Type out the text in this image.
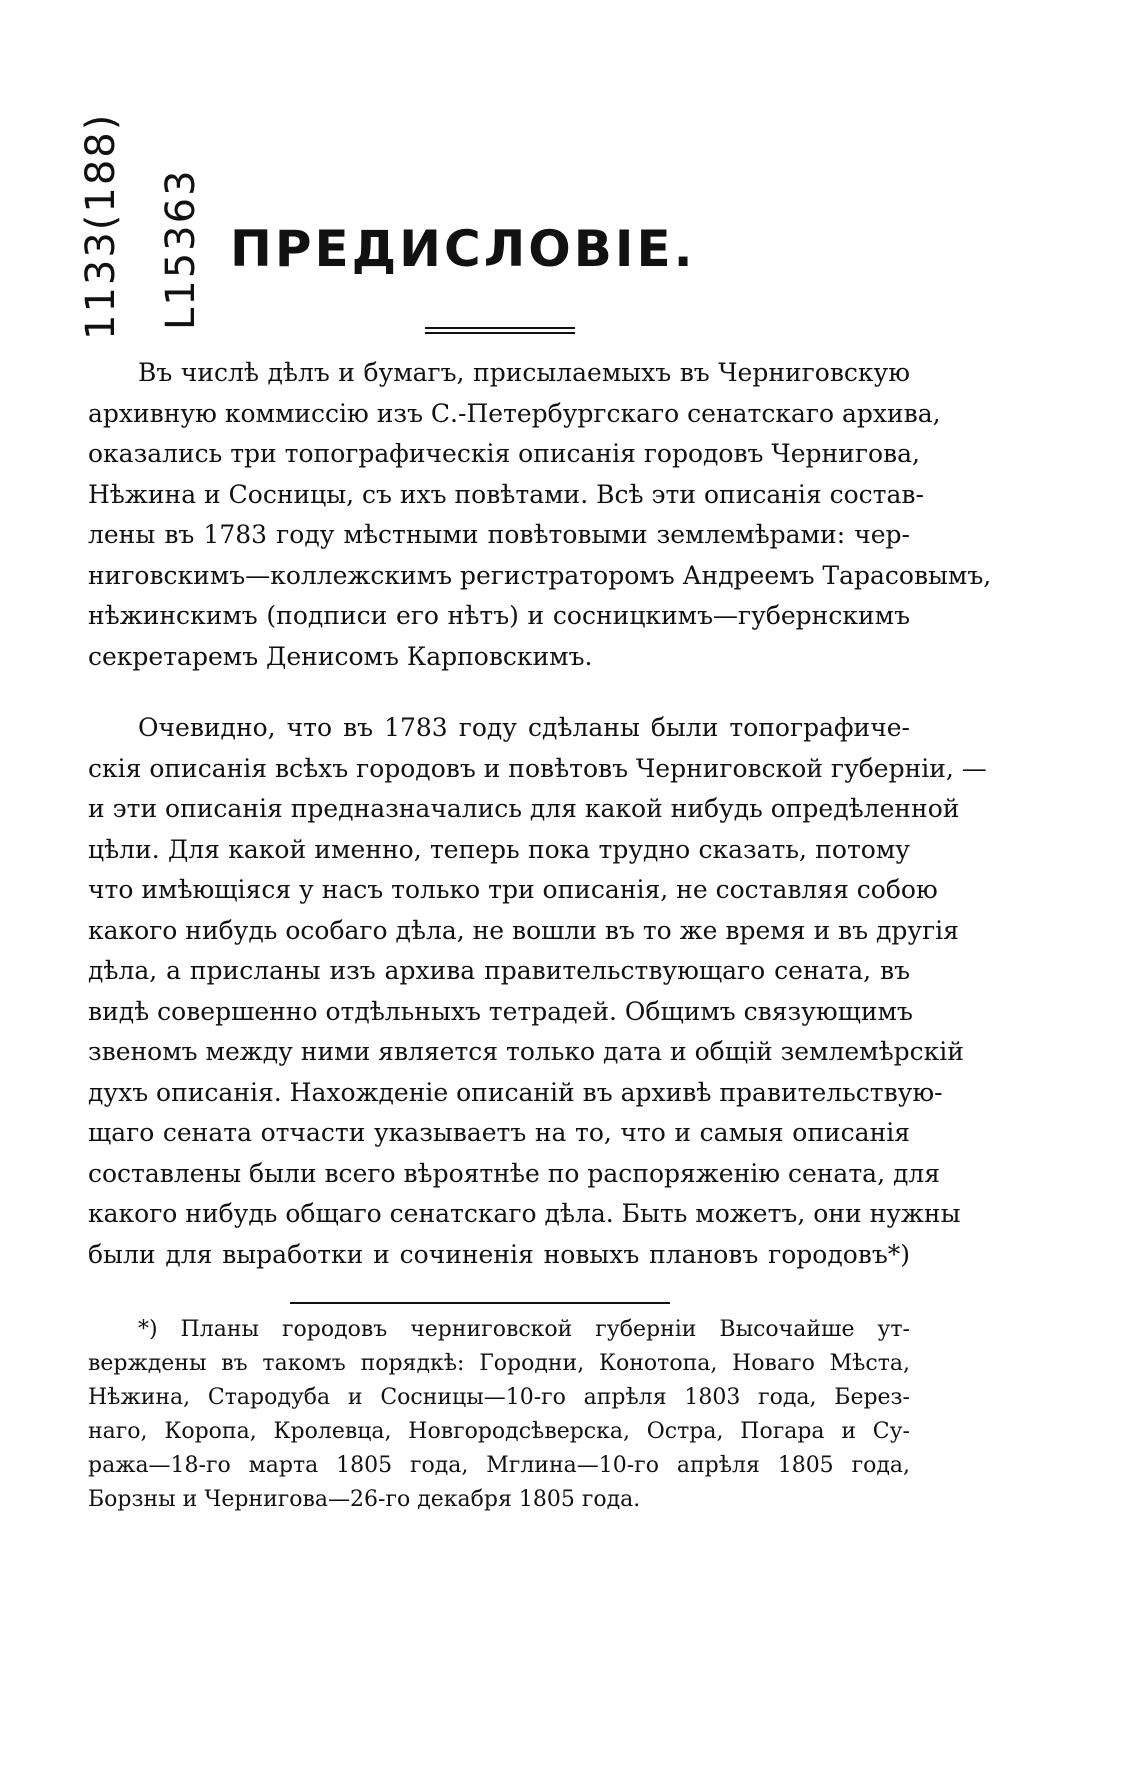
1133(188) L15363 ПРЕДИСЛОВІЕ.
Въ числѣ дѣлъ и бумагъ, присылаемыхъ въ Черниговскую
архивную коммиссію изъ С.-Петербургскаго сенатскаго архива,
оказались три топографическія описанія городовъ Чернигова,
Нѣжина и Сосницы, съ ихъ повѣтами. Всѣ эти описанія состав-
лены въ 1783 году мѣстными повѣтовыми землемѣрами: чер-
ниговскимъ—коллежскимъ регистраторомъ Андреемъ Тарасовымъ,
нѣжинскимъ (подписи его нѣтъ) и сосницкимъ—губернскимъ
секретаремъ Денисомъ Карповскимъ.
Очевидно, что въ 1783 году сдѣланы были топографиче-
скія описанія всѣхъ городовъ и повѣтовъ Черниговской губерніи, —
и эти описанія предназначались для какой нибудь опредѣленной
цѣли. Для какой именно, теперь пока трудно сказать, потому
что имѣющіяся у насъ только три описанія, не составляя собою
какого нибудь особаго дѣла, не вошли въ то же время и въ другія
дѣла, а присланы изъ архива правительствующаго сената, въ
видѣ совершенно отдѣльныхъ тетрадей. Общимъ связующимъ
звеномъ между ними является только дата и общій землемѣрскій
духъ описанія. Нахожденіе описаній въ архивѣ правительствую-
щаго сената отчасти указываетъ на то, что и самыя описанія
составлены были всего вѣроятнѣе по распоряженію сената, для
какого нибудь общаго сенатскаго дѣла. Быть можетъ, они нужны
были для выработки и сочиненія новыхъ плановъ городовъ*)
*) Планы городовъ черниговской губерніи Высочайше ут-
верждены въ такомъ порядкѣ: Городни, Конотопа, Новаго Мѣста,
Нѣжина, Стародуба и Сосницы—10-го апрѣля 1803 года, Берез-
наго, Коропа, Кролевца, Новгородсѣверска, Остра, Погара и Су-
ража—18-го марта 1805 года, Мглина—10-го апрѣля 1805 года,
Борзны и Чернигова—26-го декабря 1805 года.
